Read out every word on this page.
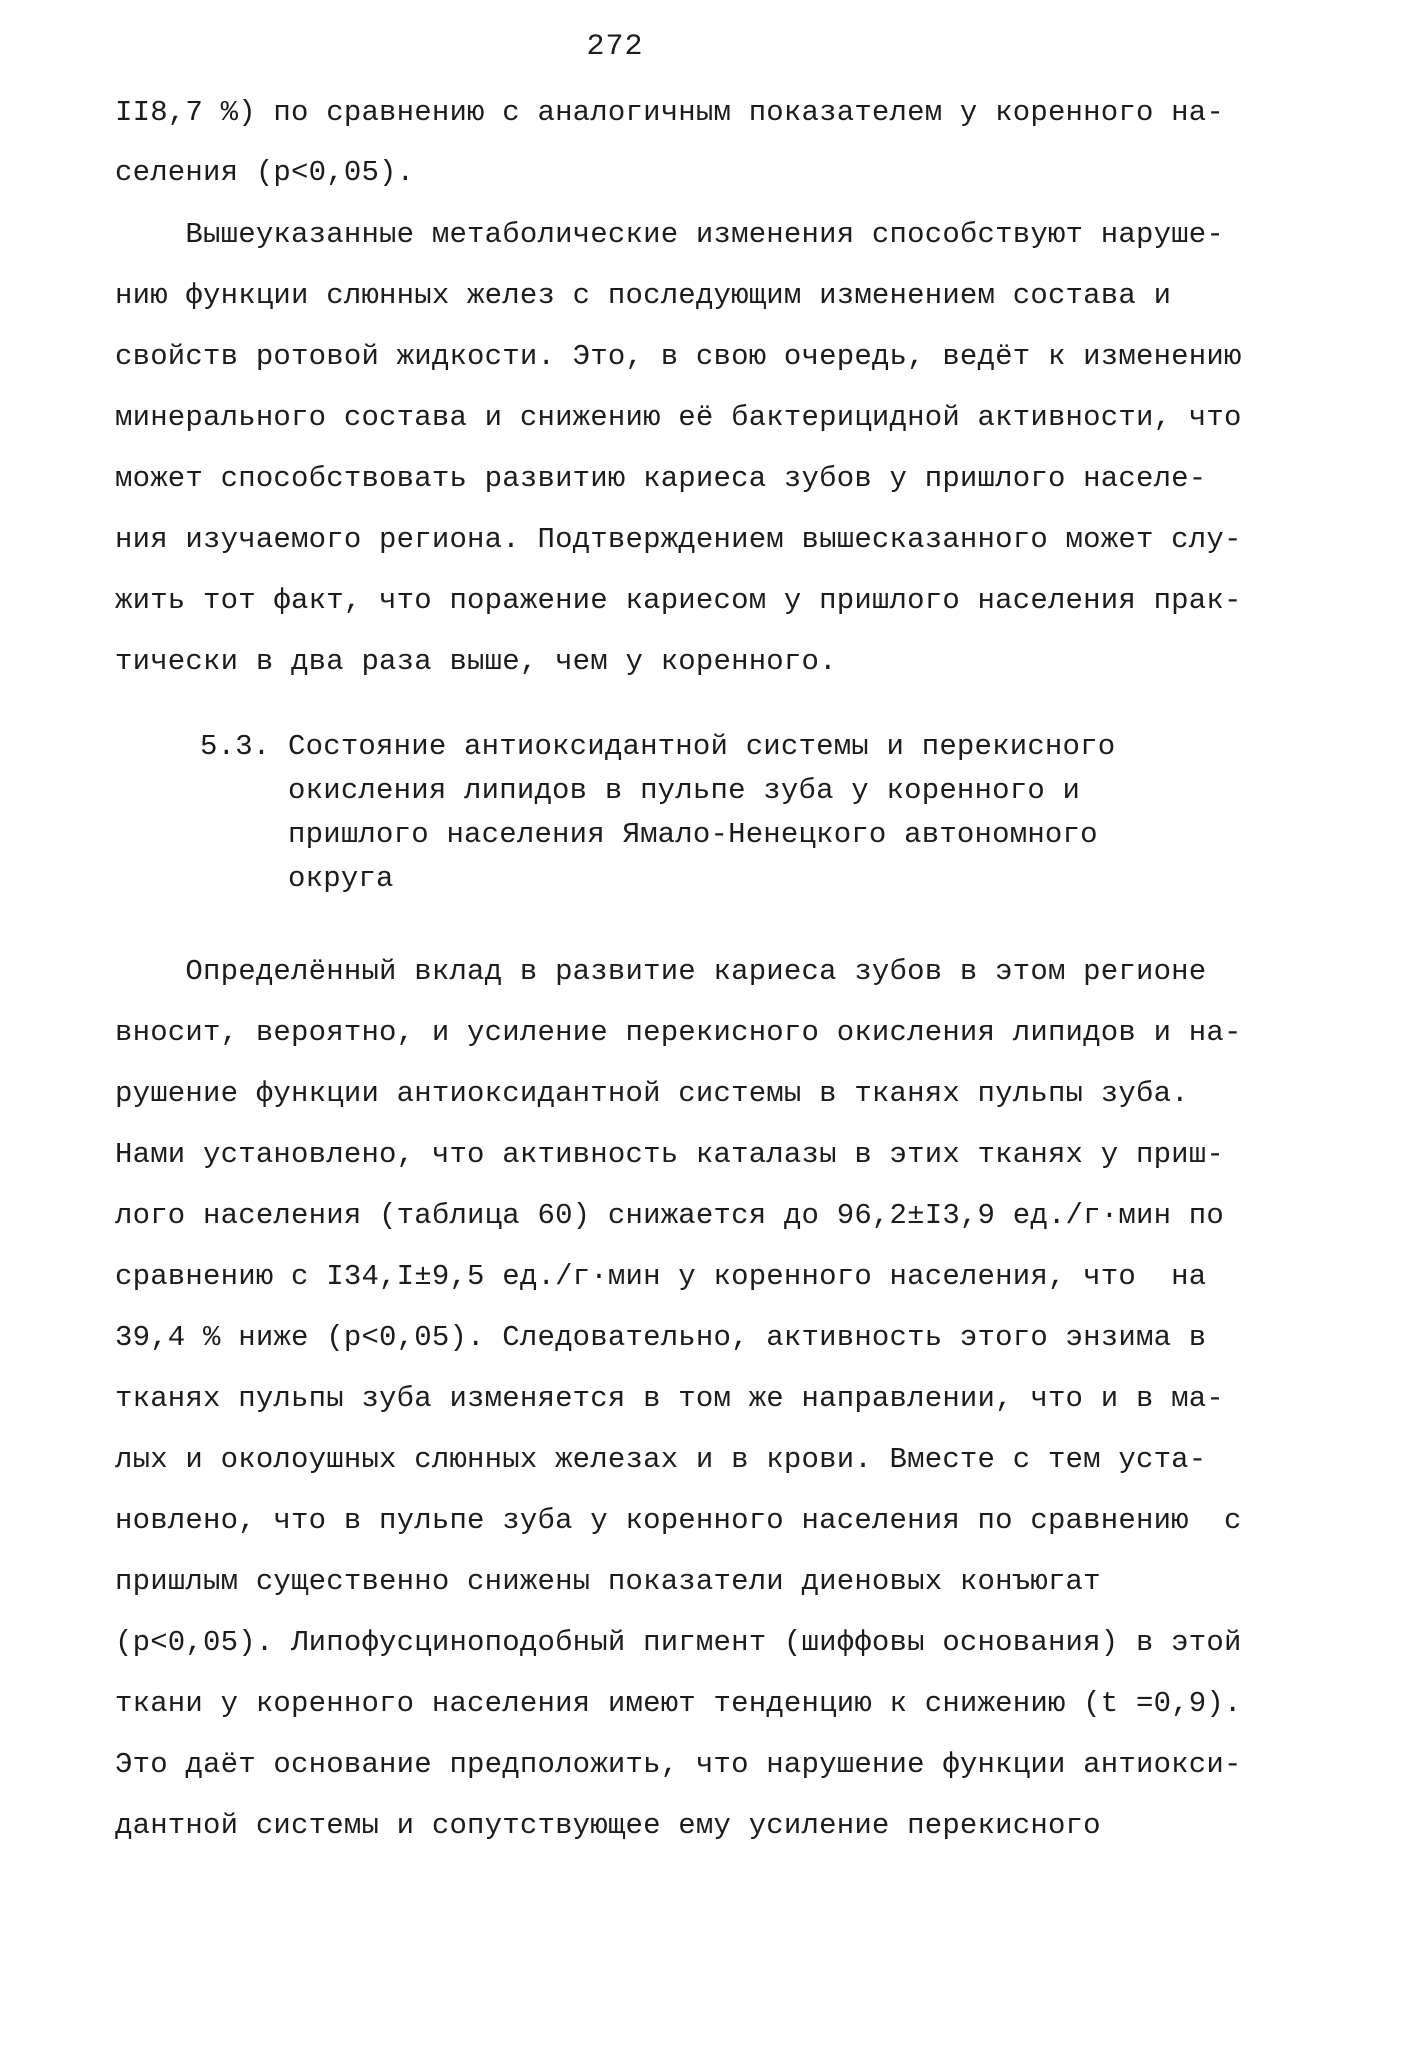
272
II8,7 %) по сравнению с аналогичным показателем у коренного на-
селения (p<0,05).
Вышеуказанные метаболические изменения способствуют наруше-
нию функции слюнных желез с последующим изменением состава и
свойств ротовой жидкости. Это, в свою очередь, ведёт к изменению
минерального состава и снижению её бактерицидной активности, что
может способствовать развитию кариеса зубов у пришлого населе-
ния изучаемого региона. Подтверждением вышесказанного может слу-
жить тот факт, что поражение кариесом у пришлого населения прак-
тически в два раза выше, чем у коренного.
5.3. Состояние антиоксидантной системы и перекисного
окисления липидов в пульпе зуба у коренного и
пришлого населения Ямало-Ненецкого автономного
округа
Определённый вклад в развитие кариеса зубов в этом регионе
вносит, вероятно, и усиление перекисного окисления липидов и на-
рушение функции антиоксидантной системы в тканях пульпы зуба.
Нами установлено, что активность каталазы в этих тканях у приш-
лого населения (таблица 60) снижается до 96,2±I3,9 ед./г·мин по
сравнению с I34,I±9,5 ед./г·мин у коренного населения, что  на
39,4 % ниже (p<0,05). Следовательно, активность этого энзима в
тканях пульпы зуба изменяется в том же направлении, что и в ма-
лых и околоушных слюнных железах и в крови. Вместе с тем уста-
новлено, что в пульпе зуба у коренного населения по сравнению  с
пришлым существенно снижены показатели диеновых конъюгат
(p<0,05). Липофусциноподобный пигмент (шиффовы основания) в этой
ткани у коренного населения имеют тенденцию к снижению (t =0,9).
Это даёт основание предположить, что нарушение функции антиокси-
дантной системы и сопутствующее ему усиление перекисного
